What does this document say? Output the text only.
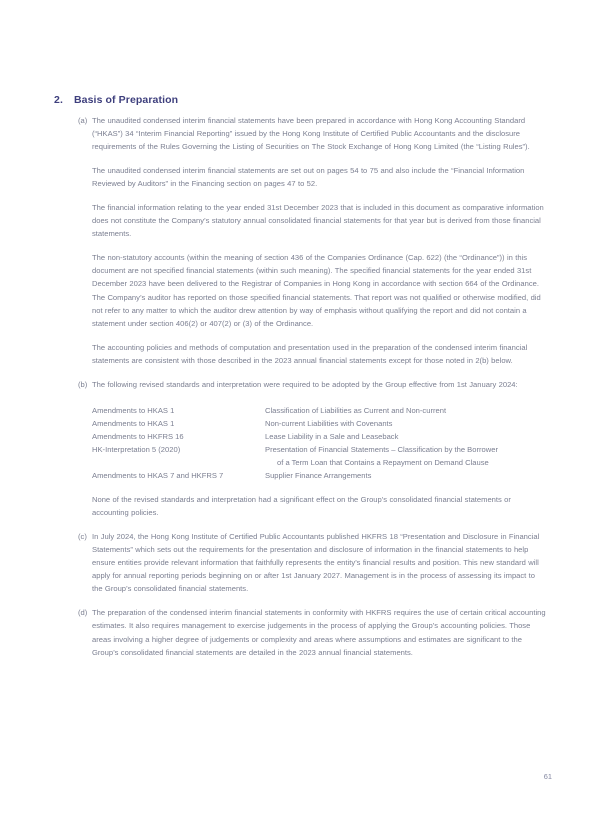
2.	Basis of Preparation
(a) The unaudited condensed interim financial statements have been prepared in accordance with Hong Kong Accounting Standard (“HKAS”) 34 “Interim Financial Reporting” issued by the Hong Kong Institute of Certified Public Accountants and the disclosure requirements of the Rules Governing the Listing of Securities on The Stock Exchange of Hong Kong Limited (the “Listing Rules”).

The unaudited condensed interim financial statements are set out on pages 54 to 75 and also include the “Financial Information Reviewed by Auditors” in the Financing section on pages 47 to 52.

The financial information relating to the year ended 31st December 2023 that is included in this document as comparative information does not constitute the Company’s statutory annual consolidated financial statements for that year but is derived from those financial statements.

The non-statutory accounts (within the meaning of section 436 of the Companies Ordinance (Cap. 622) (the “Ordinance”)) in this document are not specified financial statements (within such meaning). The specified financial statements for the year ended 31st December 2023 have been delivered to the Registrar of Companies in Hong Kong in accordance with section 664 of the Ordinance. The Company’s auditor has reported on those specified financial statements. That report was not qualified or otherwise modified, did not refer to any matter to which the auditor drew attention by way of emphasis without qualifying the report and did not contain a statement under section 406(2) or 407(2) or (3) of the Ordinance.

The accounting policies and methods of computation and presentation used in the preparation of the condensed interim financial statements are consistent with those described in the 2023 annual financial statements except for those noted in 2(b) below.

(b) The following revised standards and interpretation were required to be adopted by the Group effective from 1st January 2024:

Amendments to HKAS 1	Classification of Liabilities as Current and Non-current
Amendments to HKAS 1	Non-current Liabilities with Covenants
Amendments to HKFRS 16	Lease Liability in a Sale and Leaseback
HK-Interpretation 5 (2020)	Presentation of Financial Statements – Classification by the Borrower
of a Term Loan that Contains a Repayment on Demand Clause

Amendments to HKAS 7 and HKFRS 7	Supplier Finance Arrangements

None of the revised standards and interpretation had a significant effect on the Group’s consolidated financial statements or accounting policies.

(c) In July 2024, the Hong Kong Institute of Certified Public Accountants published HKFRS 18 “Presentation and Disclosure in Financial Statements” which sets out the requirements for the presentation and disclosure of information in the financial statements to help ensure entities provide relevant information that faithfully represents the entity’s financial results and position. This new standard will apply for annual reporting periods beginning on or after 1st January 2027. Management is in the process of assessing its impact to the Group’s consolidated financial statements.

(d) The preparation of the condensed interim financial statements in conformity with HKFRS requires the use of certain critical accounting estimates. It also requires management to exercise judgements in the process of applying the Group’s accounting policies. Those areas involving a higher degree of judgements or complexity and areas where assumptions and estimates are significant to the Group’s consolidated financial statements are detailed in the 2023 annual financial statements.

61
